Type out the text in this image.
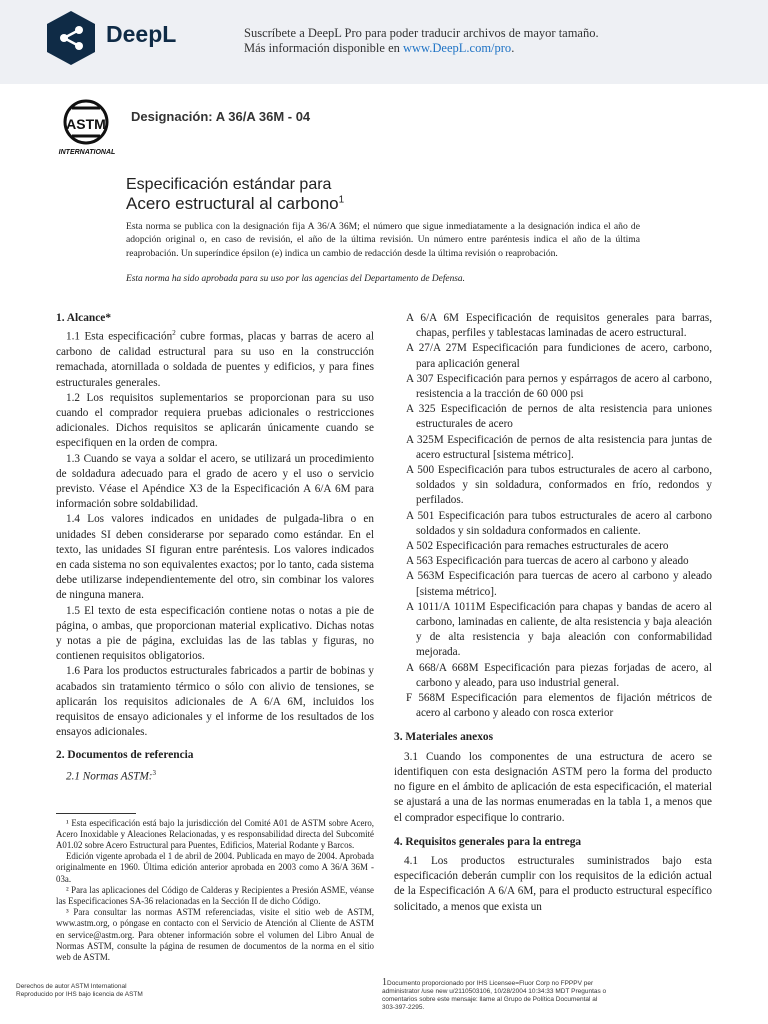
DeepL	Suscríbete a DeepL Pro para poder traducir archivos de mayor tamaño.
Más información disponible en www.DeepL.com/pro.
ASTM
INTERNATIONAL
Designación: A 36/A 36M - 04
Especificación estándar para
Acero estructural al carbono$^1$
Esta norma se publica con la designación fija A 36/A 36M; el número que sigue inmediatamente a la designación indica el año de adopción original o, en caso de revisión, el año de la última revisión. Un número entre paréntesis indica el año de la última reaprobación. Un superíndice épsilon (e) indica un cambio de redacción desde la última revisión o reaprobación.
Esta norma ha sido aprobada para su uso por las agencias del Departamento de Defensa.
1. Alcance*

1.1 Esta especificación$^2$ cubre formas, placas y barras de acero al carbono de calidad estructural para su uso en la construcción remachada, atornillada o soldada de puentes y edificios, y para fines estructurales generales.

1.2 Los requisitos suplementarios se proporcionan para su uso cuando el comprador requiera pruebas adicionales o restricciones adicionales. Dichos requisitos se aplicarán únicamente cuando se especifiquen en la orden de compra.

1.3 Cuando se vaya a soldar el acero, se utilizará un procedimiento de soldadura adecuado para el grado de acero y el uso o servicio previsto. Véase el Apéndice X3 de la Especificación A 6/A 6M para información sobre soldabilidad.

1.4 Los valores indicados en unidades de pulgada-libra o en unidades SI deben considerarse por separado como estándar. En el texto, las unidades SI figuran entre paréntesis. Los valores indicados en cada sistema no son equivalentes exactos; por lo tanto, cada sistema debe utilizarse independientemente del otro, sin combinar los valores de ninguna manera.

1.5 El texto de esta especificación contiene notas o notas a pie de página, o ambas, que proporcionan material explicativo. Dichas notas y notas a pie de página, excluidas las de las tablas y figuras, no contienen requisitos obligatorios.

1.6 Para los productos estructurales fabricados a partir de bobinas y acabados sin tratamiento térmico o sólo con alivio de tensiones, se aplicarán los requisitos adicionales de A 6/A 6M, incluidos los requisitos de ensayo adicionales y el informe de los resultados de los ensayos adicionales.

2. Documentos de referencia

2.1 Normas ASTM:$^3$

¹ Esta especificación está bajo la jurisdicción del Comité A01 de ASTM sobre Acero, Acero Inoxidable y Aleaciones Relacionadas, y es responsabilidad directa del Subcomité A01.02 sobre Acero Estructural para Puentes, Edificios, Material Rodante y Barcos.

Edición vigente aprobada el 1 de abril de 2004. Publicada en mayo de 2004. Aprobada originalmente en 1960. Última edición anterior aprobada en 2003 como A 36/A 36M - 03a.

² Para las aplicaciones del Código de Calderas y Recipientes a Presión ASME, véanse las Especificaciones SA-36 relacionadas en la Sección II de dicho Código.

³ Para consultar las normas ASTM referenciadas, visite el sitio web de ASTM, www.astm.org, o póngase en contacto con el Servicio de Atención al Cliente de ASTM en service@astm.org. Para obtener información sobre el volumen del Libro Anual de Normas ASTM, consulte la página de resumen de documentos de la norma en el sitio web de ASTM.

A 6/A 6M Especificación de requisitos generales para barras, chapas, perfiles y tablestacas laminadas de acero estructural.

A 27/A 27M Especificación para fundiciones de acero, carbono, para aplicación general

A 307 Especificación para pernos y espárragos de acero al carbono, resistencia a la tracción de 60 000 psi

A 325 Especificación de pernos de alta resistencia para uniones estructurales de acero

A 325M Especificación de pernos de alta resistencia para juntas de acero estructural [sistema métrico].

A 500 Especificación para tubos estructurales de acero al carbono, soldados y sin soldadura, conformados en frío, redondos y perfilados.

A 501 Especificación para tubos estructurales de acero al carbono soldados y sin soldadura conformados en caliente.

A 502 Especificación para remaches estructurales de acero

A 563 Especificación para tuercas de acero al carbono y aleado

A 563M Especificación para tuercas de acero al carbono y aleado [sistema métrico].

A 1011/A 1011M Especificación para chapas y bandas de acero al carbono, laminadas en caliente, de alta resistencia y baja aleación y de alta resistencia y baja aleación con conformabilidad mejorada.

A 668/A 668M Especificación para piezas forjadas de acero, al carbono y aleado, para uso industrial general.

F 568M Especificación para elementos de fijación métricos de acero al carbono y aleado con rosca exterior

3. Materiales anexos

3.1 Cuando los componentes de una estructura de acero se identifiquen con esta designación ASTM pero la forma del producto no figure en el ámbito de aplicación de esta especificación, el material se ajustará a una de las normas enumeradas en la tabla 1, a menos que el comprador especifique lo contrario.

4. Requisitos generales para la entrega

4.1 Los productos estructurales suministrados bajo esta especificación deberán cumplir con los requisitos de la edición actual de la Especificación A 6/A 6M, para el producto estructural específico solicitado, a menos que exista un

Derechos de autor ASTM International
Reproducido por IHS bajo licencia de ASTM
1Documento proporcionado por IHS Licensee=Fluor Corp no FPPPV per administrator /use new u/2110503106, 10/28/2004 10:34:33 MDT Preguntas o comentarios sobre este mensaje: llame al Grupo de Política Documental al 303-397-2295.
